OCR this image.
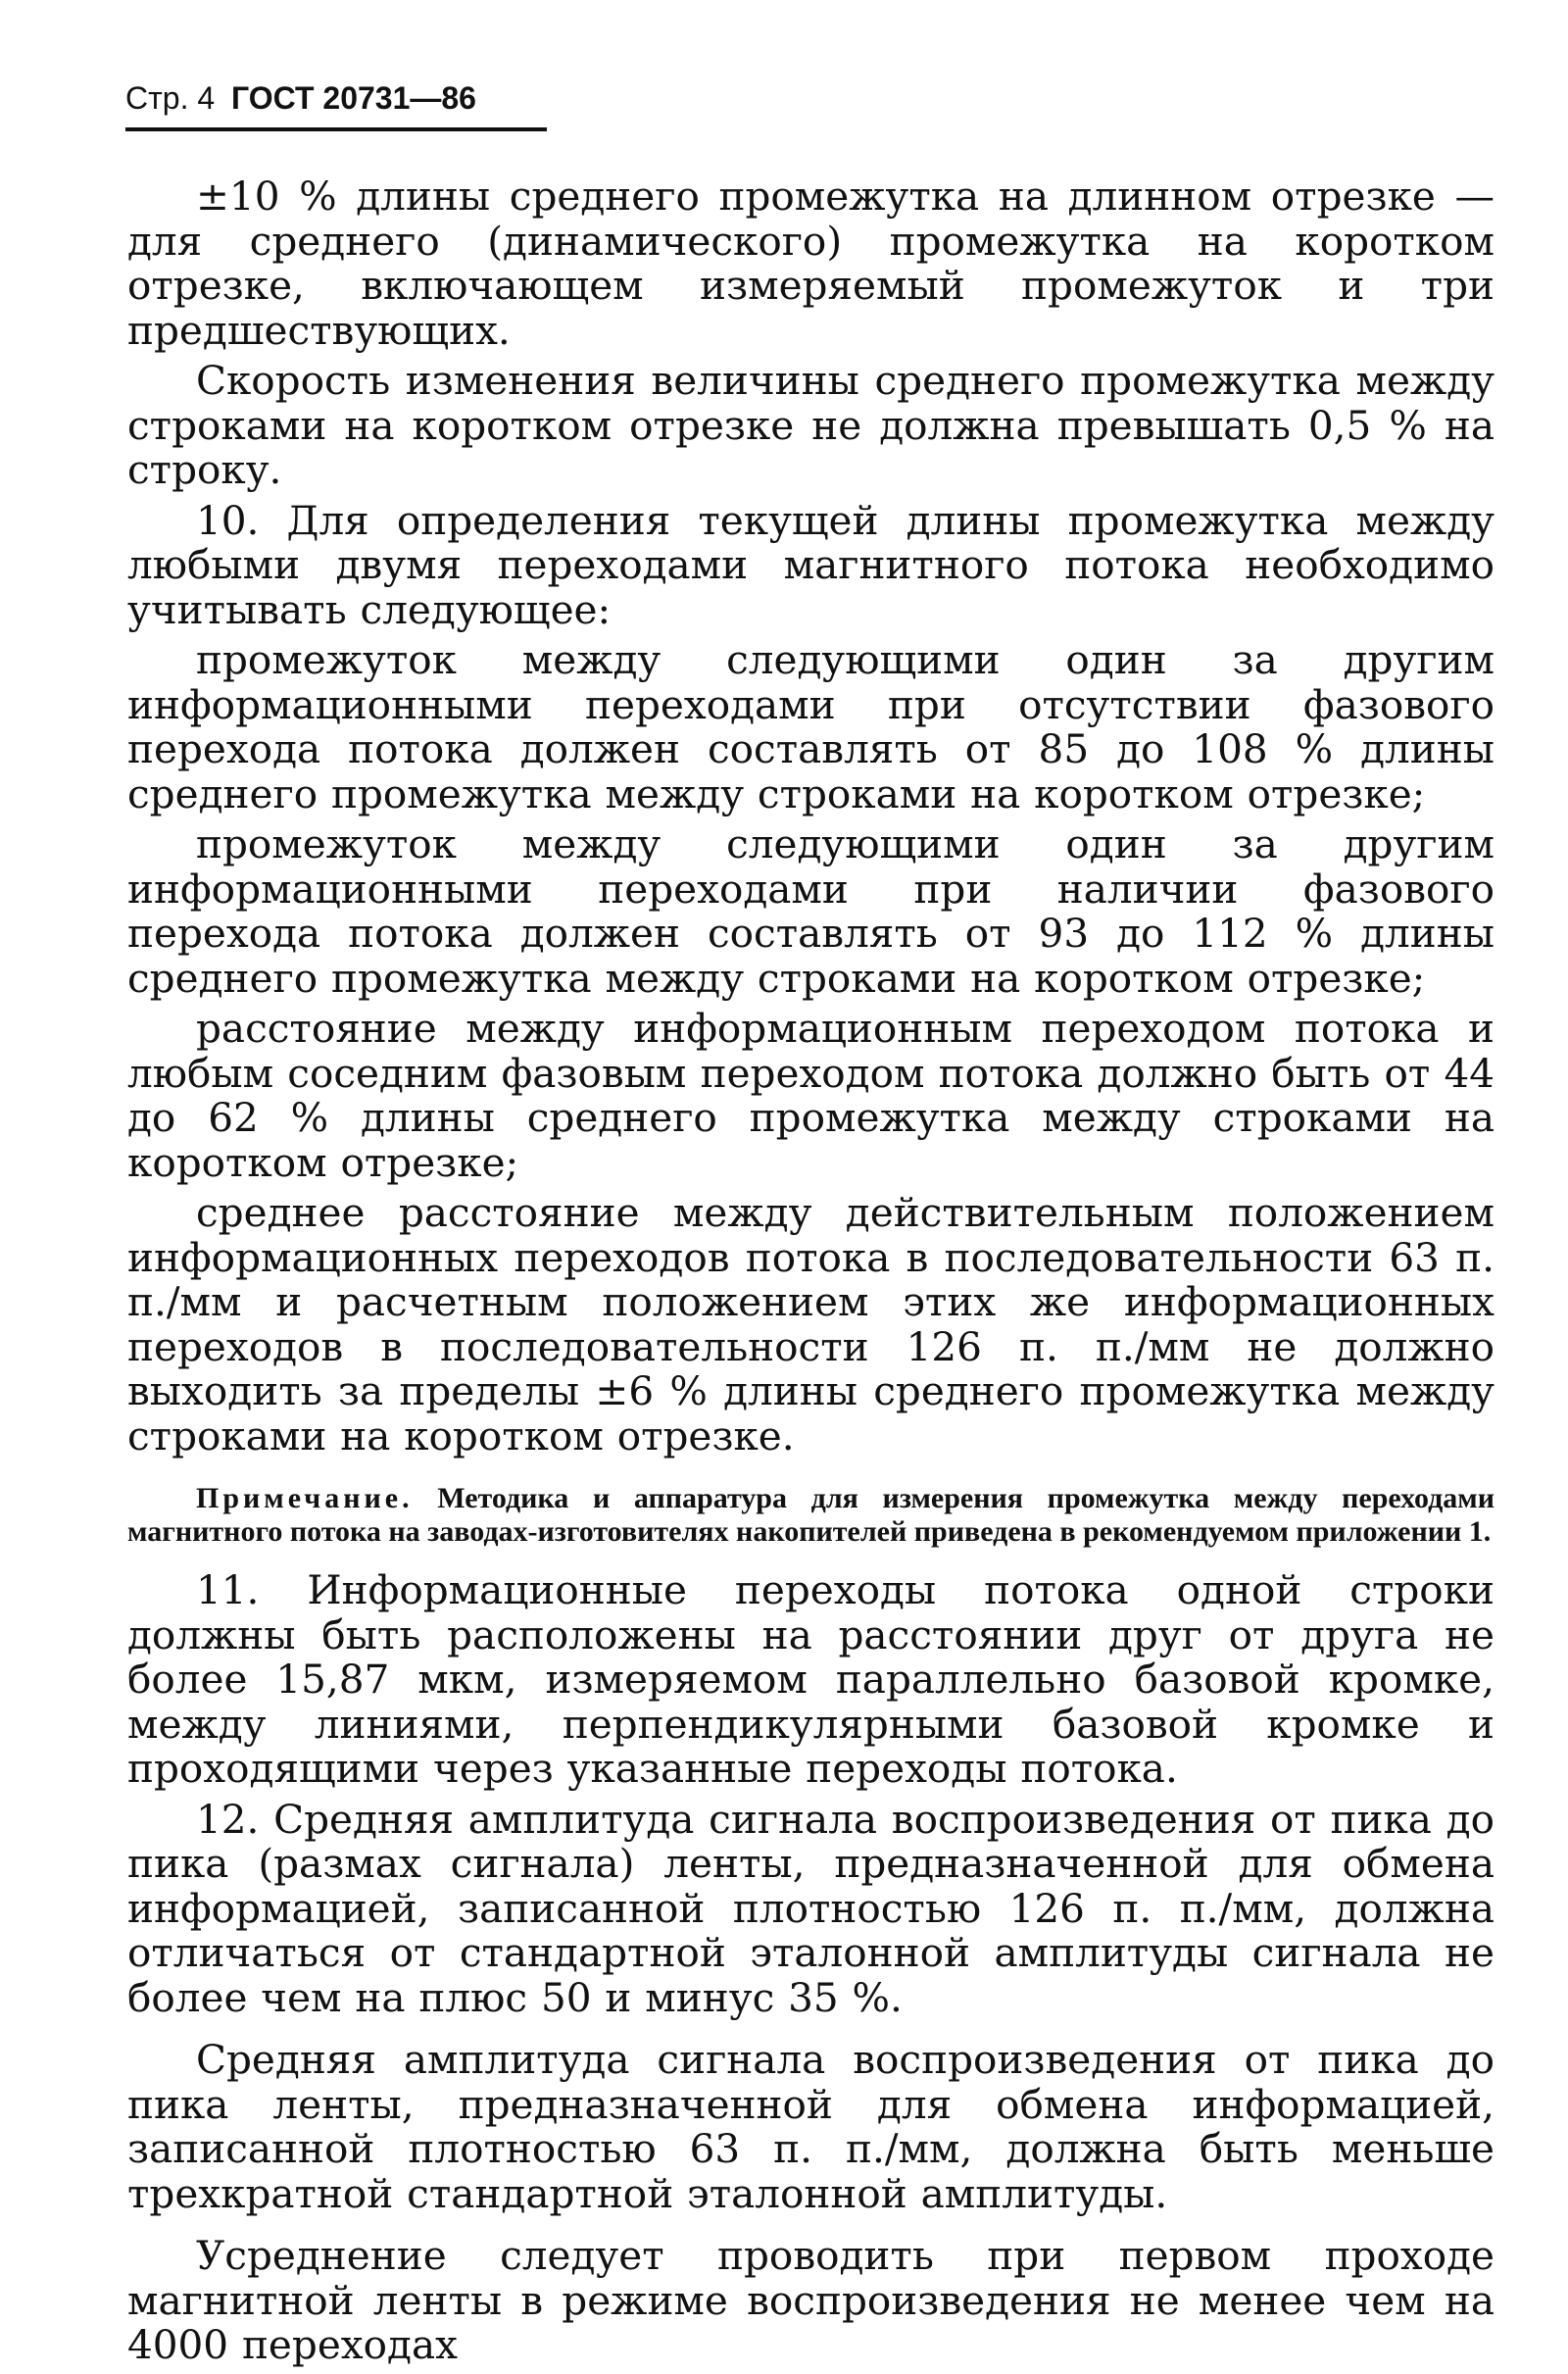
Стр. 4 ГОСТ 20731—86

±10 % длины среднего промежутка на длинном отрезке — для среднего (динамического) промежутка на коротком отрезке, включающем измеряемый промежуток и три предшествующих.

Скорость изменения величины среднего промежутка между строками на коротком отрезке не должна превышать 0,5 % на строку.

10. Для определения текущей длины промежутка между любыми двумя переходами магнитного потока необходимо учитывать следующее:

промежуток между следующими один за другим информационными переходами при отсутствии фазового перехода потока должен составлять от 85 до 108 % длины среднего промежутка между строками на коротком отрезке;

промежуток между следующими один за другим информационными переходами при наличии фазового перехода потока должен составлять от 93 до 112 % длины среднего промежутка между строками на коротком отрезке;

расстояние между информационным переходом потока и любым соседним фазовым переходом потока должно быть от 44 до 62 % длины среднего промежутка между строками на коротком отрезке;

среднее расстояние между действительным положением информационных переходов потока в последовательности 63 п. п./мм и расчетным положением этих же информационных переходов в последовательности 126 п. п./мм не должно выходить за пределы ±6 % длины среднего промежутка между строками на коротком отрезке.

Примечание. Методика и аппаратура для измерения промежутка между переходами магнитного потока на заводах-изготовителях накопителей приведена в рекомендуемом приложении 1.

11. Информационные переходы потока одной строки должны быть расположены на расстоянии друг от друга не более 15,87 мкм, измеряемом параллельно базовой кромке, между линиями, перпендикулярными базовой кромке и проходящими через указанные переходы потока.

12. Средняя амплитуда сигнала воспроизведения от пика до пика (размах сигнала) ленты, предназначенной для обмена информацией, записанной плотностью 126 п. п./мм, должна отличаться от стандартной эталонной амплитуды сигнала не более чем на плюс 50 и минус 35 %.

Средняя амплитуда сигнала воспроизведения от пика до пика ленты, предназначенной для обмена информацией, записанной плотностью 63 п. п./мм, должна быть меньше трехкратной стандартной эталонной амплитуды.

Усреднение следует проводить при первом проходе магнитной ленты в режиме воспроизведения не менее чем на 4000 переходах
